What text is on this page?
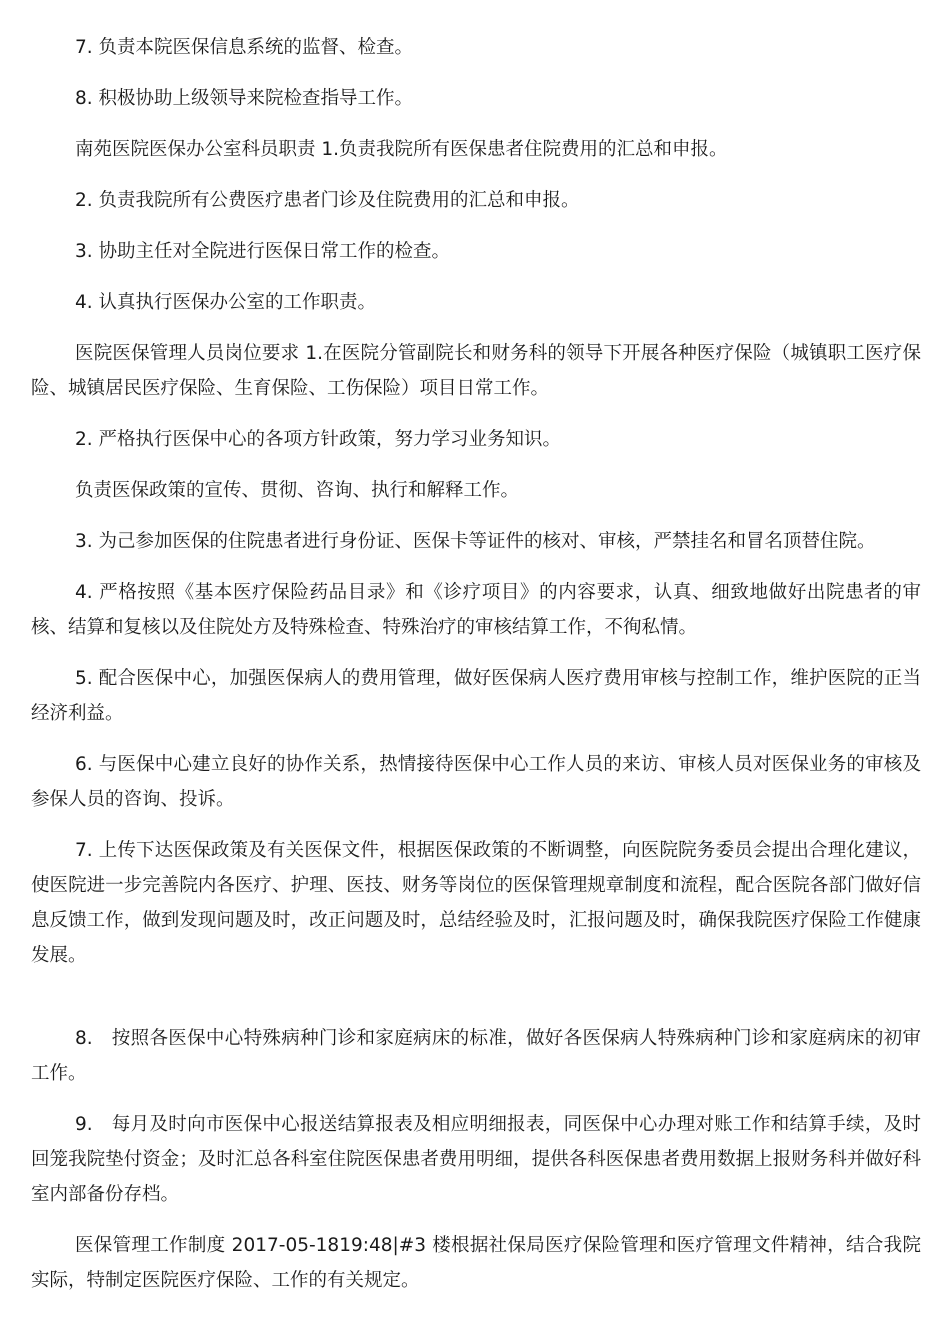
7. 负责本院医保信息系统的监督、检查。

8. 积极协助上级领导来院检查指导工作。

南苑医院医保办公室科员职责 1.负责我院所有医保患者住院费用的汇总和申报。

2. 负责我院所有公费医疗患者门诊及住院费用的汇总和申报。

3. 协助主任对全院进行医保日常工作的检查。

4. 认真执行医保办公室的工作职责。

医院医保管理人员岗位要求 1.在医院分管副院长和财务科的领导下开展各种医疗保险（城镇职工医疗保险、城镇居民医疗保险、生育保险、工伤保险）项目日常工作。

2. 严格执行医保中心的各项方针政策，努力学习业务知识。

负责医保政策的宣传、贯彻、咨询、执行和解释工作。

3. 为己参加医保的住院患者进行身份证、医保卡等证件的核对、审核，严禁挂名和冒名顶替住院。

4. 严格按照《基本医疗保险药品目录》和《诊疗项目》的内容要求，认真、细致地做好出院患者的审核、结算和复核以及住院处方及特殊检查、特殊治疗的审核结算工作，不徇私情。

5. 配合医保中心，加强医保病人的费用管理，做好医保病人医疗费用审核与控制工作，维护医院的正当经济利益。

6. 与医保中心建立良好的协作关系，热情接待医保中心工作人员的来访、审核人员对医保业务的审核及参保人员的咨询、投诉。

7. 上传下达医保政策及有关医保文件，根据医保政策的不断调整，向医院院务委员会提出合理化建议，使医院进一步完善院内各医疗、护理、医技、财务等岗位的医保管理规章制度和流程，配合医院各部门做好信息反馈工作，做到发现问题及时，改正问题及时，总结经验及时，汇报问题及时，确保我院医疗保险工作健康发展。

8.　按照各医保中心特殊病种门诊和家庭病床的标准，做好各医保病人特殊病种门诊和家庭病床的初审工作。

9.　每月及时向市医保中心报送结算报表及相应明细报表，同医保中心办理对账工作和结算手续，及时回笼我院垫付资金；及时汇总各科室住院医保患者费用明细，提供各科医保患者费用数据上报财务科并做好科室内部备份存档。

医保管理工作制度 2017-05-1819:48|#3 楼根据社保局医疗保险管理和医疗管理文件精神，结合我院实际，特制定医院医疗保险、工作的有关规定。
